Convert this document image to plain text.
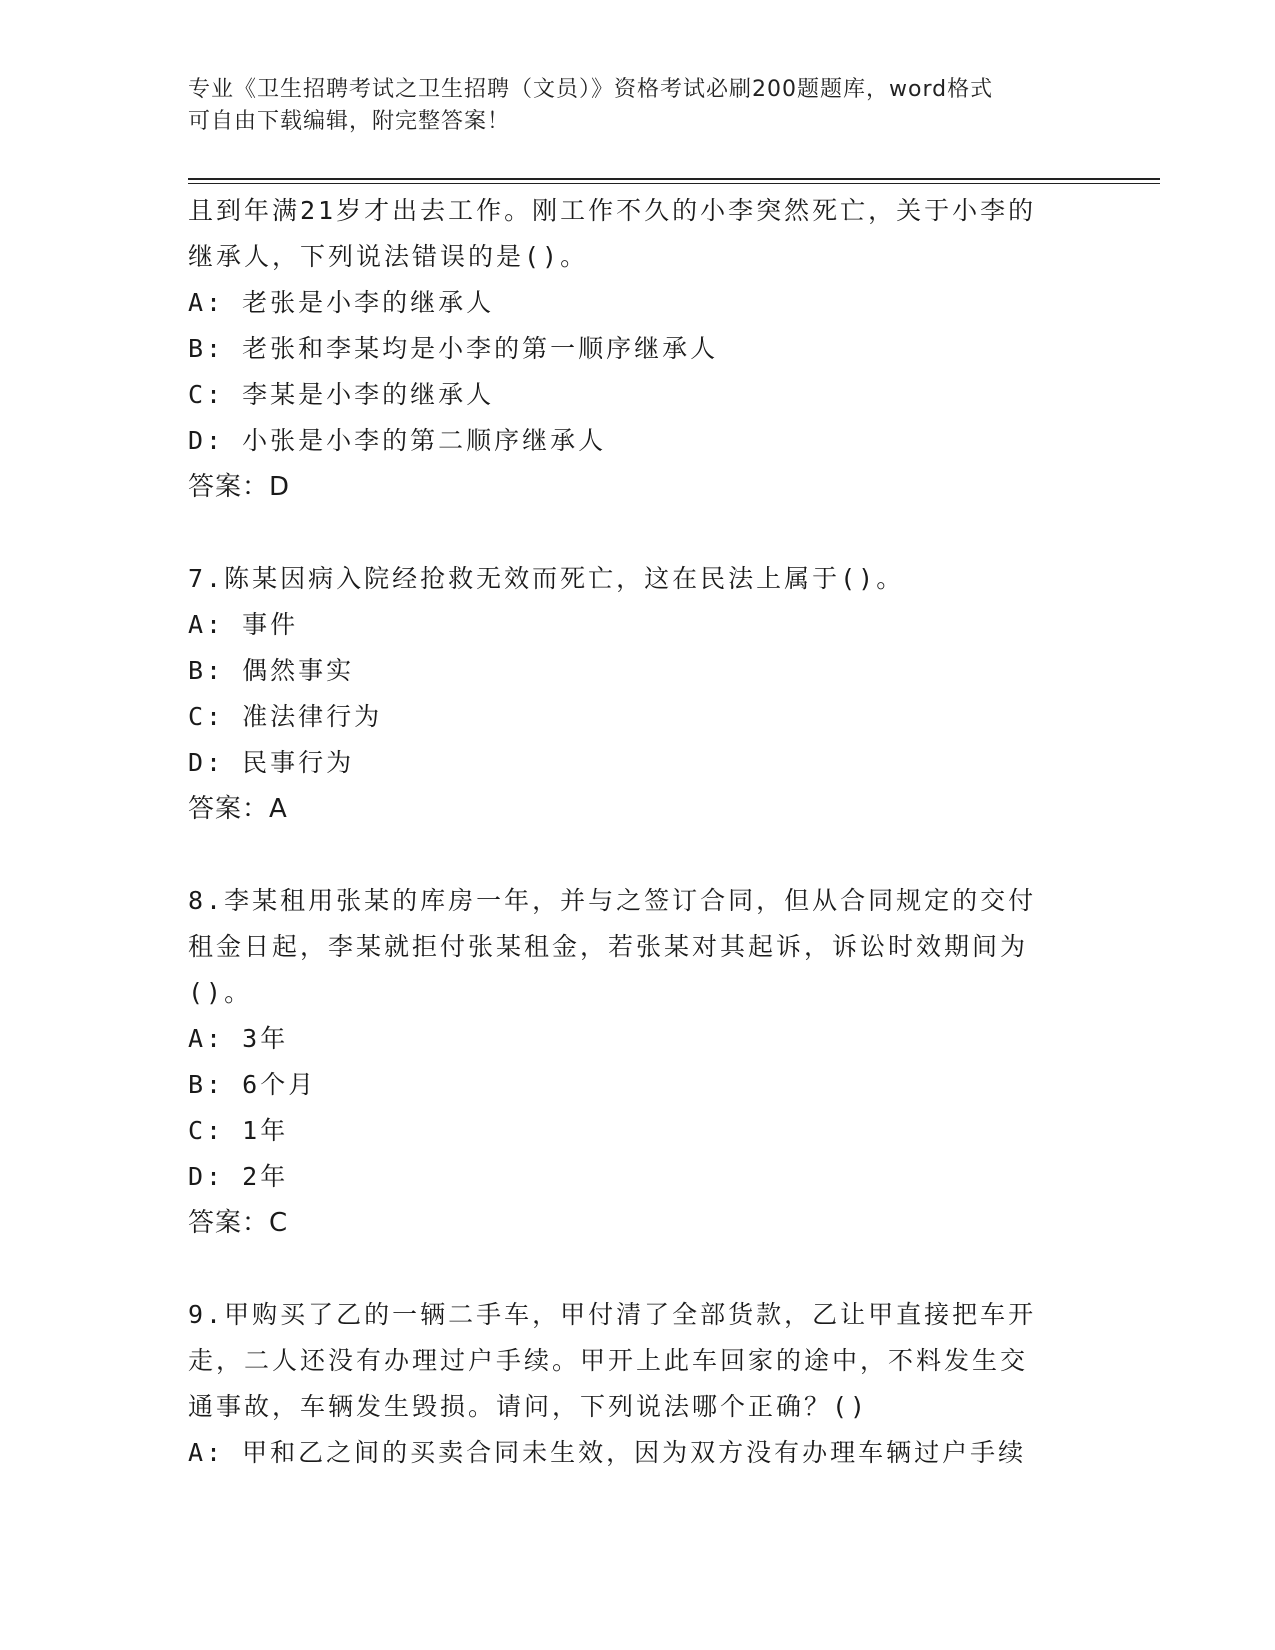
专业《卫生招聘考试之卫生招聘（文员）》资格考试必刷200题题库，word格式
可自由下载编辑，附完整答案！
且到年满21岁才出去工作。刚工作不久的小李突然死亡，关于小李的
继承人，下列说法错误的是()。
A: 老张是小李的继承人
B: 老张和李某均是小李的第一顺序继承人
C: 李某是小李的继承人
D: 小张是小李的第二顺序继承人
答案：D
7.陈某因病入院经抢救无效而死亡，这在民法上属于()。
A: 事件
B: 偶然事实
C: 准法律行为
D: 民事行为
答案：A
8.李某租用张某的库房一年，并与之签订合同，但从合同规定的交付
租金日起，李某就拒付张某租金，若张某对其起诉，诉讼时效期间为
()。
A: 3年
B: 6个月
C: 1年
D: 2年
答案：C
9.甲购买了乙的一辆二手车，甲付清了全部货款，乙让甲直接把车开
走，二人还没有办理过户手续。甲开上此车回家的途中，不料发生交
通事故，车辆发生毁损。请问，下列说法哪个正确？()
A: 甲和乙之间的买卖合同未生效，因为双方没有办理车辆过户手续
